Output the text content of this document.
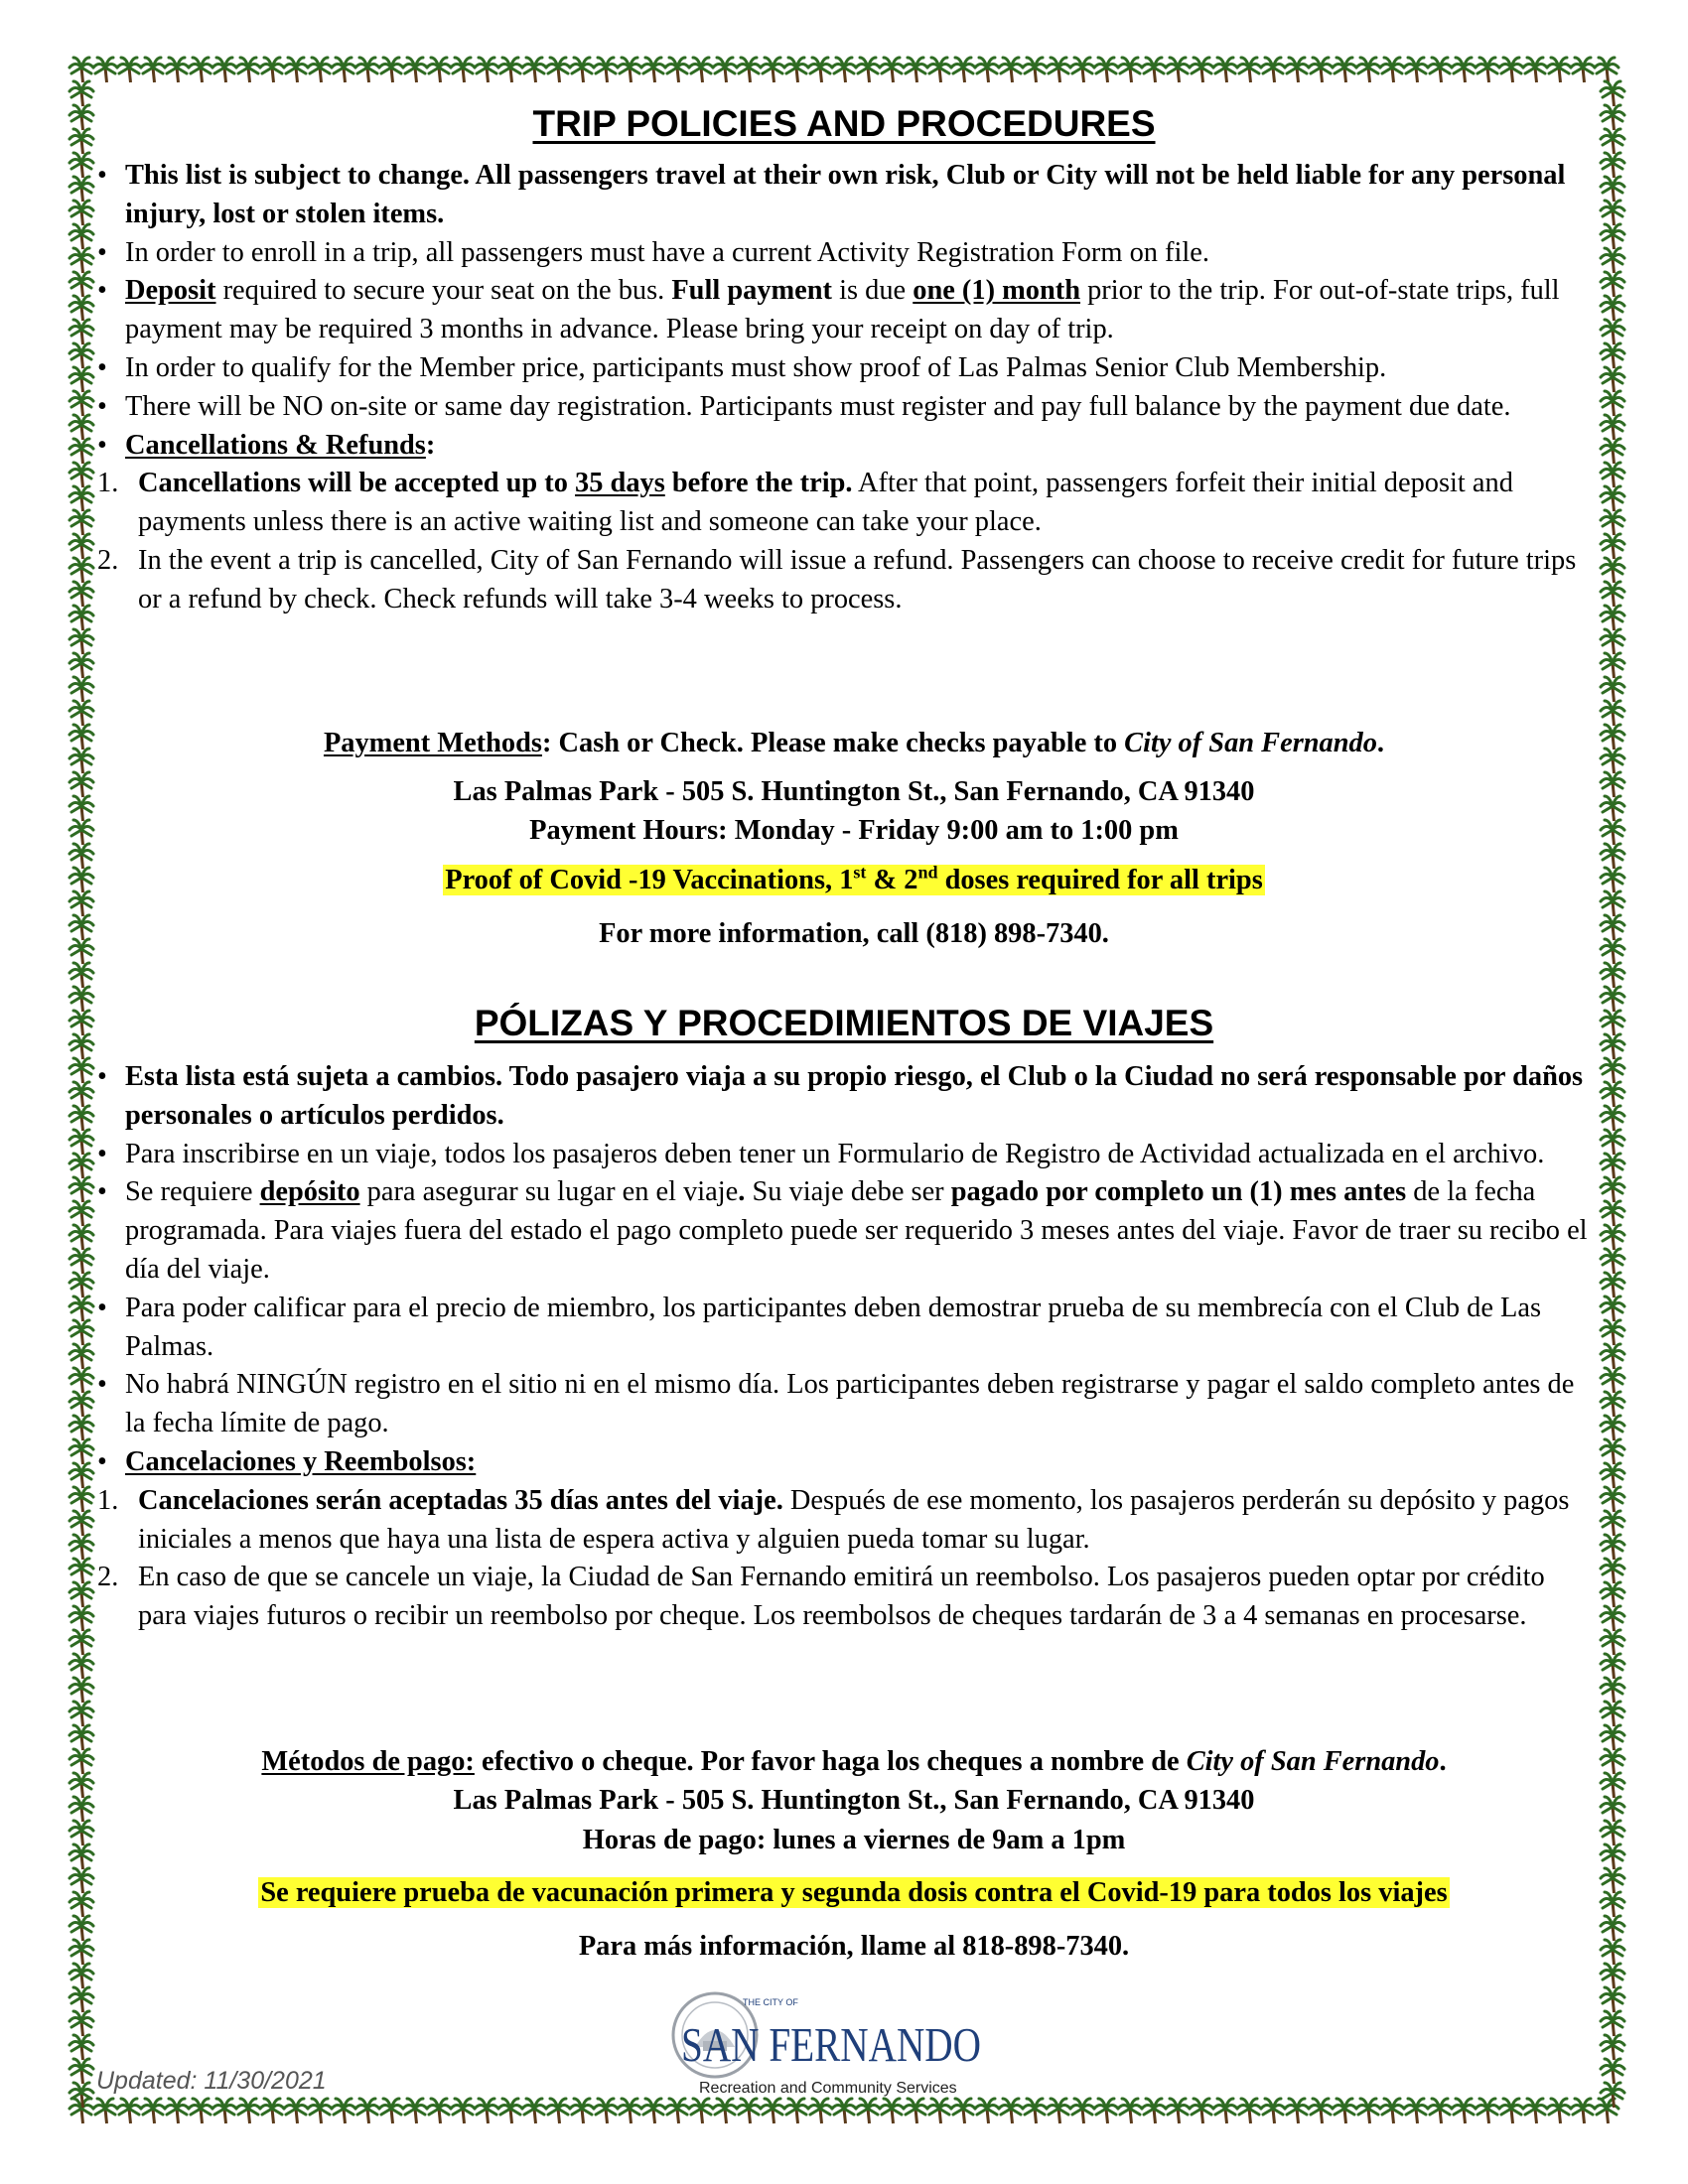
TRIP POLICIES AND PROCEDURES

• This list is subject to change. All passengers travel at their own risk, Club or City will not be held liable for any personal injury, lost or stolen items.

• In order to enroll in a trip, all passengers must have a current Activity Registration Form on file.

• Deposit required to secure your seat on the bus. Full payment is due one (1) month prior to the trip. For out-of-state trips, full payment may be required 3 months in advance. Please bring your receipt on day of trip.

• In order to qualify for the Member price, participants must show proof of Las Palmas Senior Club Membership.

• There will be NO on-site or same day registration. Participants must register and pay full balance by the payment due date.

• Cancellations & Refunds:

1. Cancellations will be accepted up to 35 days before the trip. After that point, passengers forfeit their initial deposit and payments unless there is an active waiting list and someone can take your place.

2. In the event a trip is cancelled, City of San Fernando will issue a refund. Passengers can choose to receive credit for future trips or a refund by check. Check refunds will take 3-4 weeks to process.

Payment Methods: Cash or Check. Please make checks payable to City of San Fernando.

Las Palmas Park - 505 S. Huntington St., San Fernando, CA 91340

Payment Hours: Monday - Friday 9:00 am to 1:00 pm

Proof of Covid -19 Vaccinations, 1st & 2nd doses required for all trips

For more information, call (818) 898-7340.

PÓLIZAS Y PROCEDIMIENTOS DE VIAJES

• Esta lista está sujeta a cambios. Todo pasajero viaja a su propio riesgo, el Club o la Ciudad no será responsable por daños personales o artículos perdidos.

• Para inscribirse en un viaje, todos los pasajeros deben tener un Formulario de Registro de Actividad actualizada en el archivo.

• Se requiere depósito para asegurar su lugar en el viaje. Su viaje debe ser pagado por completo un (1) mes antes de la fecha programada. Para viajes fuera del estado el pago completo puede ser requerido 3 meses antes del viaje. Favor de traer su recibo el día del viaje.

• Para poder calificar para el precio de miembro, los participantes deben demostrar prueba de su membrecía con el Club de Las Palmas.

• No habrá NINGÚN registro en el sitio ni en el mismo día. Los participantes deben registrarse y pagar el saldo completo antes de la fecha límite de pago.

• Cancelaciones y Reembolsos:

1. Cancelaciones serán aceptadas 35 días antes del viaje. Después de ese momento, los pasajeros perderán su depósito y pagos iniciales a menos que haya una lista de espera activa y alguien pueda tomar su lugar.

2. En caso de que se cancele un viaje, la Ciudad de San Fernando emitirá un reembolso. Los pasajeros pueden optar por crédito para viajes futuros o recibir un reembolso por cheque. Los reembolsos de cheques tardarán de 3 a 4 semanas en procesarse.

Métodos de pago: efectivo o cheque. Por favor haga los cheques a nombre de City of San Fernando.

Las Palmas Park - 505 S. Huntington St., San Fernando, CA 91340

Horas de pago: lunes a viernes de 9am a 1pm

Se requiere prueba de vacunación primera y segunda dosis contra el Covid-19 para todos los viajes

Para más información, llame al 818-898-7340.

THE CITY OF
SAN FERNANDO
Recreation and Community Services
Updated: 11/30/2021
